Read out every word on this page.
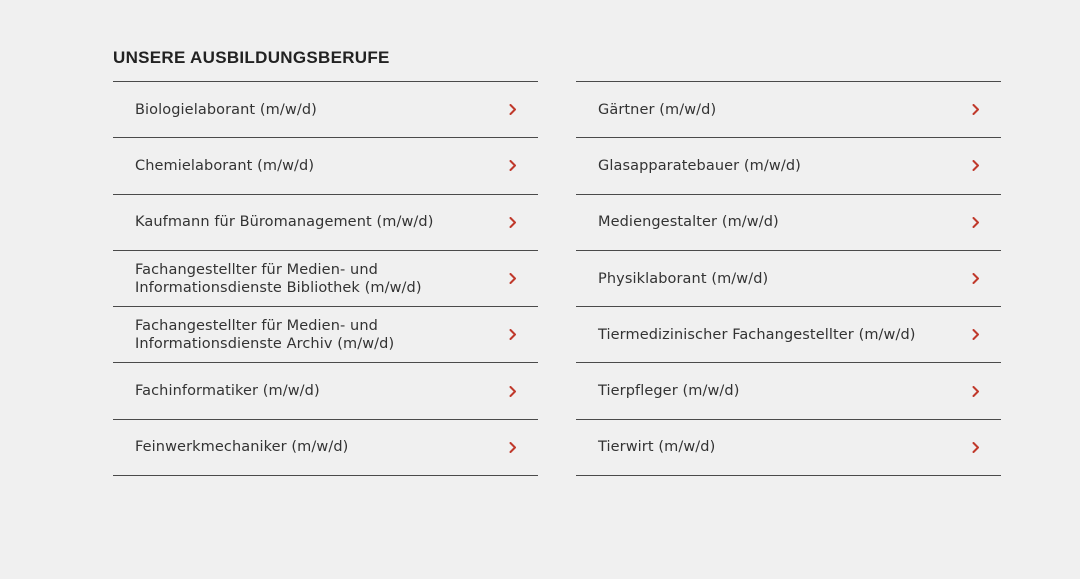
UNSERE AUSBILDUNGSBERUFE
Biologielaborant (m/w/d)
Chemielaborant (m/w/d)
Kaufmann für Büromanagement (m/w/d)
Fachangestellter für Medien- und
Informationsdienste Bibliothek (m/w/d)
Fachangestellter für Medien- und
Informationsdienste Archiv (m/w/d)
Fachinformatiker (m/w/d)
Feinwerkmechaniker (m/w/d)
Gärtner (m/w/d)
Glasapparatebauer (m/w/d)
Mediengestalter (m/w/d)
Physiklaborant (m/w/d)
Tiermedizinischer Fachangestellter (m/w/d)
Tierpfleger (m/w/d)
Tierwirt (m/w/d)
